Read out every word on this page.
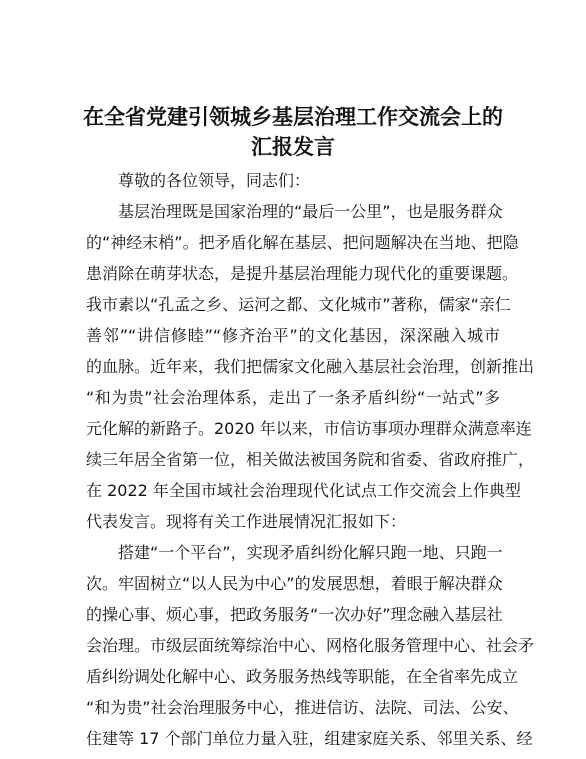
在全省党建引领城乡基层治理工作交流会上的
汇报发言
尊敬的各位领导，同志们：
基层治理既是国家治理的“最后一公里”，也是服务群众
的“神经末梢”。把矛盾化解在基层、把问题解决在当地、把隐
患消除在萌芽状态，是提升基层治理能力现代化的重要课题。
我市素以“孔孟之乡、运河之都、文化城市”著称，儒家“亲仁
善邻”“讲信修睦”“修齐治平”的文化基因，深深融入城市
的血脉。近年来，我们把儒家文化融入基层社会治理，创新推出
“和为贵”社会治理体系，走出了一条矛盾纠纷“一站式”多
元化解的新路子。2020 年以来，市信访事项办理群众满意率连
续三年居全省第一位，相关做法被国务院和省委、省政府推广，
在 2022 年全国市域社会治理现代化试点工作交流会上作典型
代表发言。现将有关工作进展情况汇报如下：
搭建“一个平台”，实现矛盾纠纷化解只跑一地、只跑一
次。牢固树立“以人民为中心”的发展思想，着眼于解决群众
的操心事、烦心事，把政务服务“一次办好”理念融入基层社
会治理。市级层面统筹综治中心、网格化服务管理中心、社会矛
盾纠纷调处化解中心、政务服务热线等职能，在全省率先成立
“和为贵”社会治理服务中心，推进信访、法院、司法、公安、
住建等 17 个部门单位力量入驻，组建家庭关系、邻里关系、经
